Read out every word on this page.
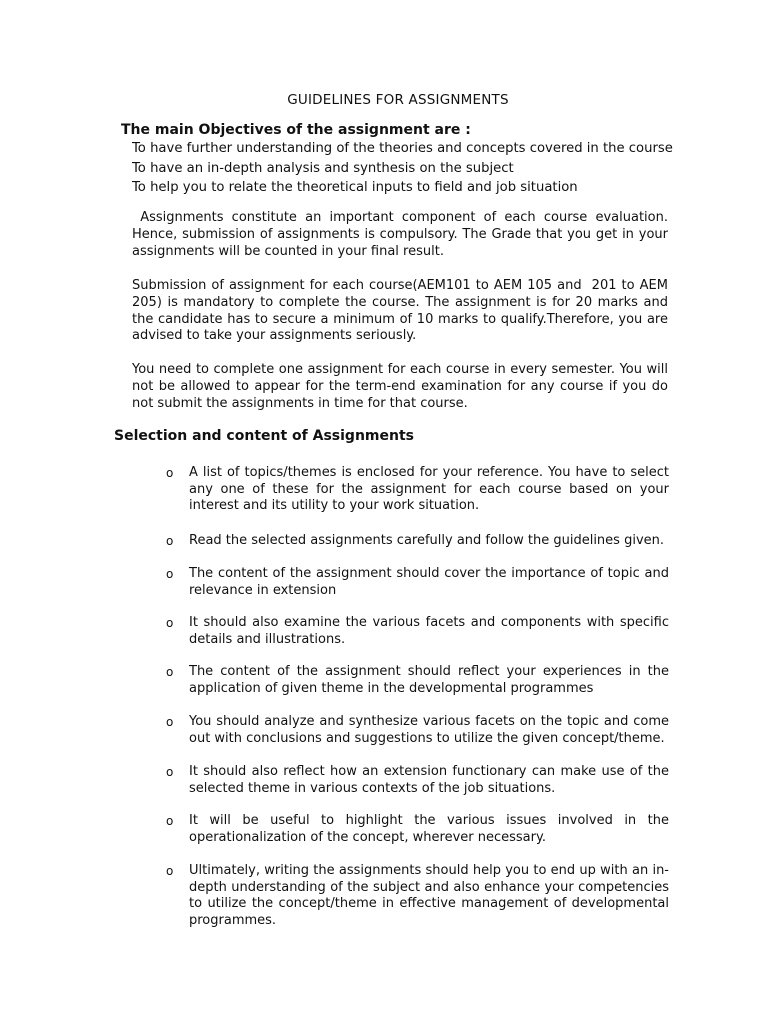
GUIDELINES FOR ASSIGNMENTS
The main Objectives of the assignment are :
To have further understanding of the theories and concepts covered in the course
To have an in-depth analysis and synthesis on the subject
To help you to relate the theoretical inputs to field and job situation

Assignments constitute an important component of each course evaluation. Hence, submission of assignments is compulsory. The Grade that you get in your assignments will be counted in your final result.

Submission of assignment for each course(AEM101 to AEM 105 and  201 to AEM 205) is mandatory to complete the course. The assignment is for 20 marks and the candidate has to secure a minimum of 10 marks to qualify.Therefore, you are advised to take your assignments seriously.

You need to complete one assignment for each course in every semester. You will not be allowed to appear for the term-end examination for any course if you do not submit the assignments in time for that course.

Selection and content of Assignments
o A list of topics/themes is enclosed for your reference. You have to select any one of these for the assignment for each course based on your interest and its utility to your work situation.
o Read the selected assignments carefully and follow the guidelines given.
o The content of the assignment should cover the importance of topic and relevance in extension
o It should also examine the various facets and components with specific details and illustrations.
o The content of the assignment should reflect your experiences in the application of given theme in the developmental programmes
o You should analyze and synthesize various facets on the topic and come out with conclusions and suggestions to utilize the given concept/theme.
o It should also reflect how an extension functionary can make use of the selected theme in various contexts of the job situations.
o It will be useful to highlight the various issues involved in the operationalization of the concept, wherever necessary.
o Ultimately, writing the assignments should help you to end up with an in-depth understanding of the subject and also enhance your competencies to utilize the concept/theme in effective management of developmental programmes.
